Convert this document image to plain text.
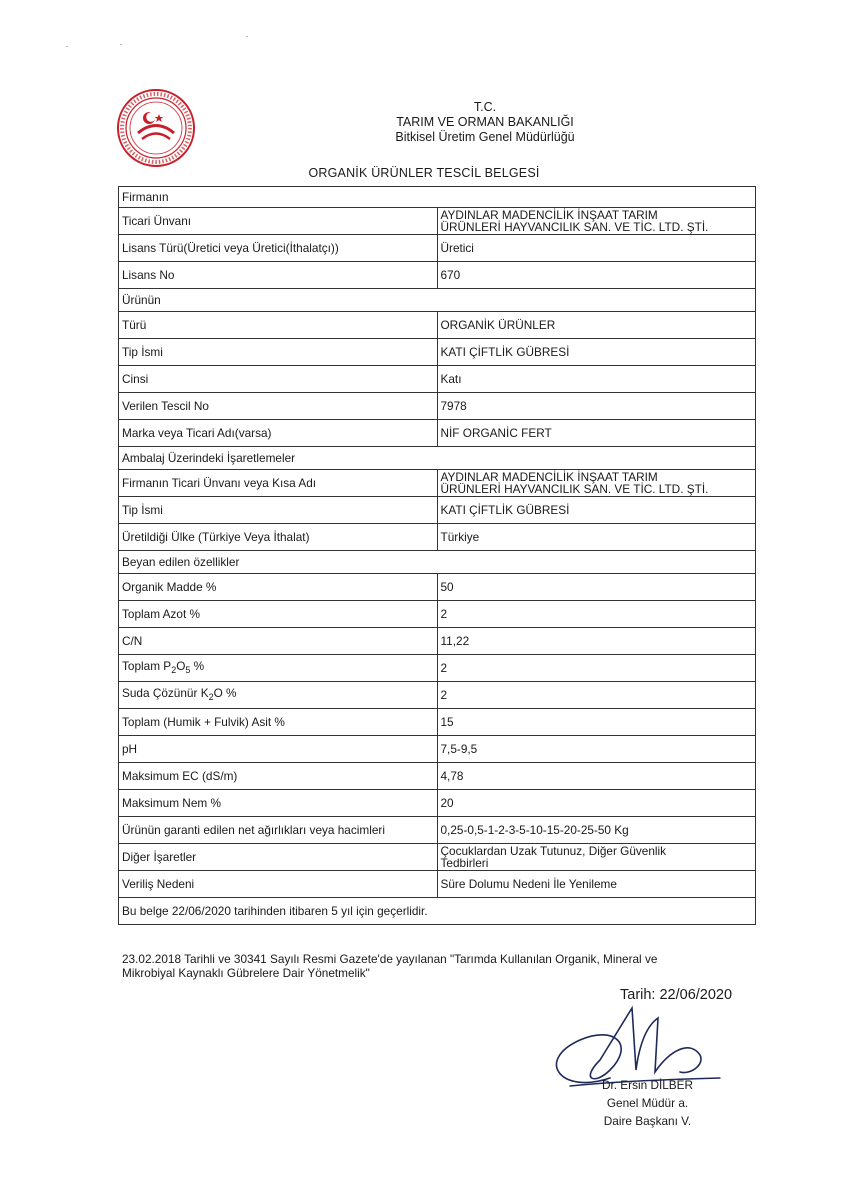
T.C.
TARIM VE ORMAN BAKANLIĞI
Bitkisel Üretim Genel Müdürlüğü
ORGANİK ÜRÜNLER TESCİL BELGESİ
Firmanın	
Ticari Ünvanı	AYDINLAR MADENCİLİK İNŞAAT TARIM
ÜRÜNLERİ HAYVANCILIK SAN. VE TİC. LTD. ŞTİ.

Lisans Türü(Üretici veya Üretici(İthalatçı))	Üretici
Lisans No	670
Ürünün	
Türü	ORGANİK ÜRÜNLER
Tip İsmi	KATI ÇİFTLİK GÜBRESİ
Cinsi	Katı
Verilen Tescil No	7978
Marka veya Ticari Adı(varsa)	NİF ORGANİC FERT
Ambalaj Üzerindeki İşaretlemeler	
Firmanın Ticari Ünvanı veya Kısa Adı	AYDINLAR MADENCİLİK İNŞAAT TARIM
ÜRÜNLERİ HAYVANCILIK SAN. VE TİC. LTD. ŞTİ.

Tip İsmi	KATI ÇİFTLİK GÜBRESİ
Üretildiği Ülke (Türkiye Veya İthalat)	Türkiye
Beyan edilen özellikler	
Organik Madde %	50
Toplam Azot %	2
C/N	11,22
Toplam $P_2O_5$ %	2
Suda Çözünür $K_2O$ %	2
Toplam (Humik + Fulvik) Asit %	15
pH	7,5-9,5
Maksimum EC (dS/m)	4,78
Maksimum Nem %	20
Ürünün garanti edilen net ağırlıkları veya hacimleri	0,25-0,5-1-2-3-5-10-15-20-25-50 Kg
Diğer İşaretler	Çocuklardan Uzak Tutunuz, Diğer Güvenlik
Tedbirleri

Veriliş Nedeni	Süre Dolumu Nedeni İle Yenileme
Bu belge 22/06/2020 tarihinden itibaren 5 yıl için geçerlidir.	
23.02.2018 Tarihli ve 30341 Sayılı Resmi Gazete'de yayılanan "Tarımda Kullanılan Organik, Mineral ve
Mikrobiyal Kaynaklı Gübrelere Dair Yönetmelik"
Tarih: 22/06/2020
Dr. Ersin DİLBER
Genel Müdür a.
Daire Başkanı V.
